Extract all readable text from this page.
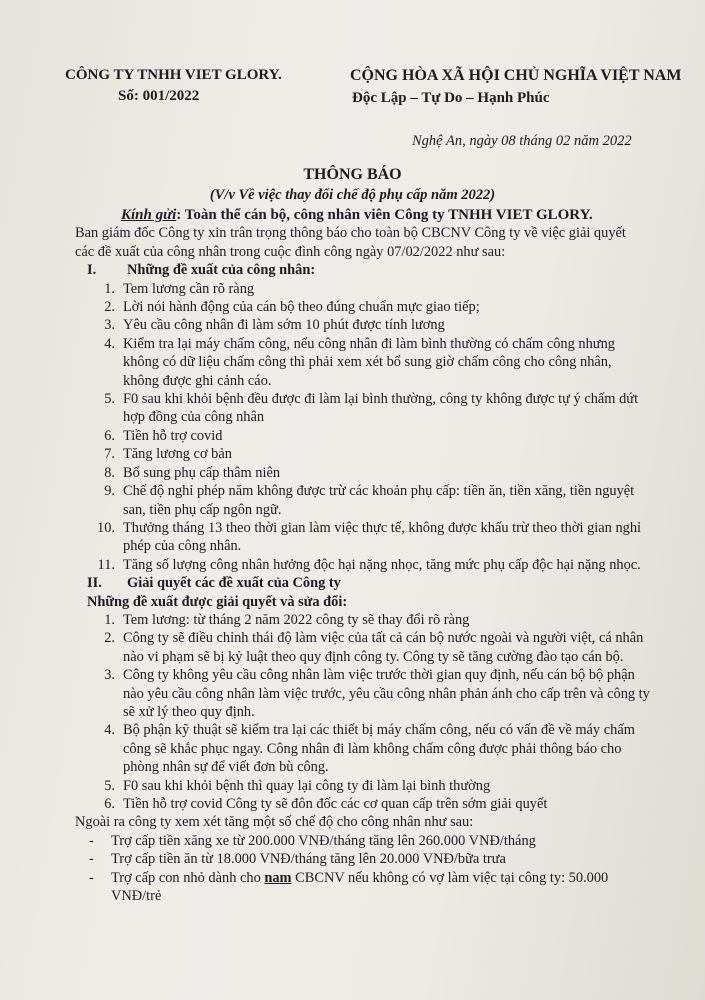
CÔNG TY TNHH VIET GLORY.
Số: 001/2022
CỘNG HÒA XÃ HỘI CHỦ NGHĨA VIỆT NAM
Độc Lập – Tự Do – Hạnh Phúc
Nghệ An, ngày 08 tháng 02 năm 2022
THÔNG BÁO
(V/v Về việc thay đổi chế độ phụ cấp năm 2022)
Kính gửi: Toàn thể cán bộ, công nhân viên Công ty TNHH VIET GLORY.
Ban giám đốc Công ty xin trân trọng thông báo cho toàn bộ CBCNV Công ty về việc giải quyết
các đề xuất của công nhân trong cuộc đình công ngày 07/02/2022 như sau:
I. Những đề xuất của công nhân:
1. Tem lương cần rõ ràng
2. Lời nói hành động của cán bộ theo đúng chuẩn mực giao tiếp;
3. Yêu cầu công nhân đi làm sớm 10 phút được tính lương
4. Kiểm tra lại máy chấm công, nếu công nhân đi làm bình thường có chấm công nhưng
không có dữ liệu chấm công thì phải xem xét bổ sung giờ chấm công cho công nhân,
không được ghi cảnh cáo.
5. F0 sau khi khỏi bệnh đều được đi làm lại bình thường, công ty không được tự ý chấm dứt
hợp đồng của công nhân
6. Tiền hỗ trợ covid
7. Tăng lương cơ bản
8. Bổ sung phụ cấp thâm niên
9. Chế độ nghỉ phép năm không được trừ các khoản phụ cấp: tiền ăn, tiền xăng, tiền nguyệt
san, tiền phụ cấp ngôn ngữ.
10. Thưởng tháng 13 theo thời gian làm việc thực tế, không được khấu trừ theo thời gian nghỉ
phép của công nhân.
11. Tăng số lượng công nhân hưởng độc hại nặng nhọc, tăng mức phụ cấp độc hại nặng nhọc.
II. Giải quyết các đề xuất của Công ty
Những đề xuất được giải quyết và sửa đổi:
1. Tem lương: từ tháng 2 năm 2022 công ty sẽ thay đổi rõ ràng
2. Công ty sẽ điều chỉnh thái độ làm việc của tất cả cán bộ nước ngoài và người việt, cá nhân
nào vi phạm sẽ bị kỷ luật theo quy định công ty. Công ty sẽ tăng cường đào tạo cán bộ.
3. Công ty không yêu cầu công nhân làm việc trước thời gian quy định, nếu cán bộ bộ phận
nào yêu cầu công nhân làm việc trước, yêu cầu công nhân phản ánh cho cấp trên và công ty
sẽ xử lý theo quy định.
4. Bộ phận kỹ thuật sẽ kiểm tra lại các thiết bị máy chấm công, nếu có vấn đề về máy chấm
công sẽ khắc phục ngay. Công nhân đi làm không chấm công được phải thông báo cho
phòng nhân sự để viết đơn bù công.
5. F0 sau khi khỏi bệnh thì quay lại công ty đi làm lại bình thường
6. Tiền hỗ trợ covid Công ty sẽ đôn đốc các cơ quan cấp trên sớm giải quyết
Ngoài ra công ty xem xét tăng một số chế độ cho công nhân như sau:
-	Trợ cấp tiền xăng xe từ 200.000 VNĐ/tháng tăng lên 260.000 VNĐ/tháng
-	Trợ cấp tiền ăn từ 18.000 VNĐ/tháng tăng lên 20.000 VNĐ/bữa trưa
-	Trợ cấp con nhỏ dành cho nam CBCNV nếu không có vợ làm việc tại công ty: 50.000
VNĐ/trẻ
